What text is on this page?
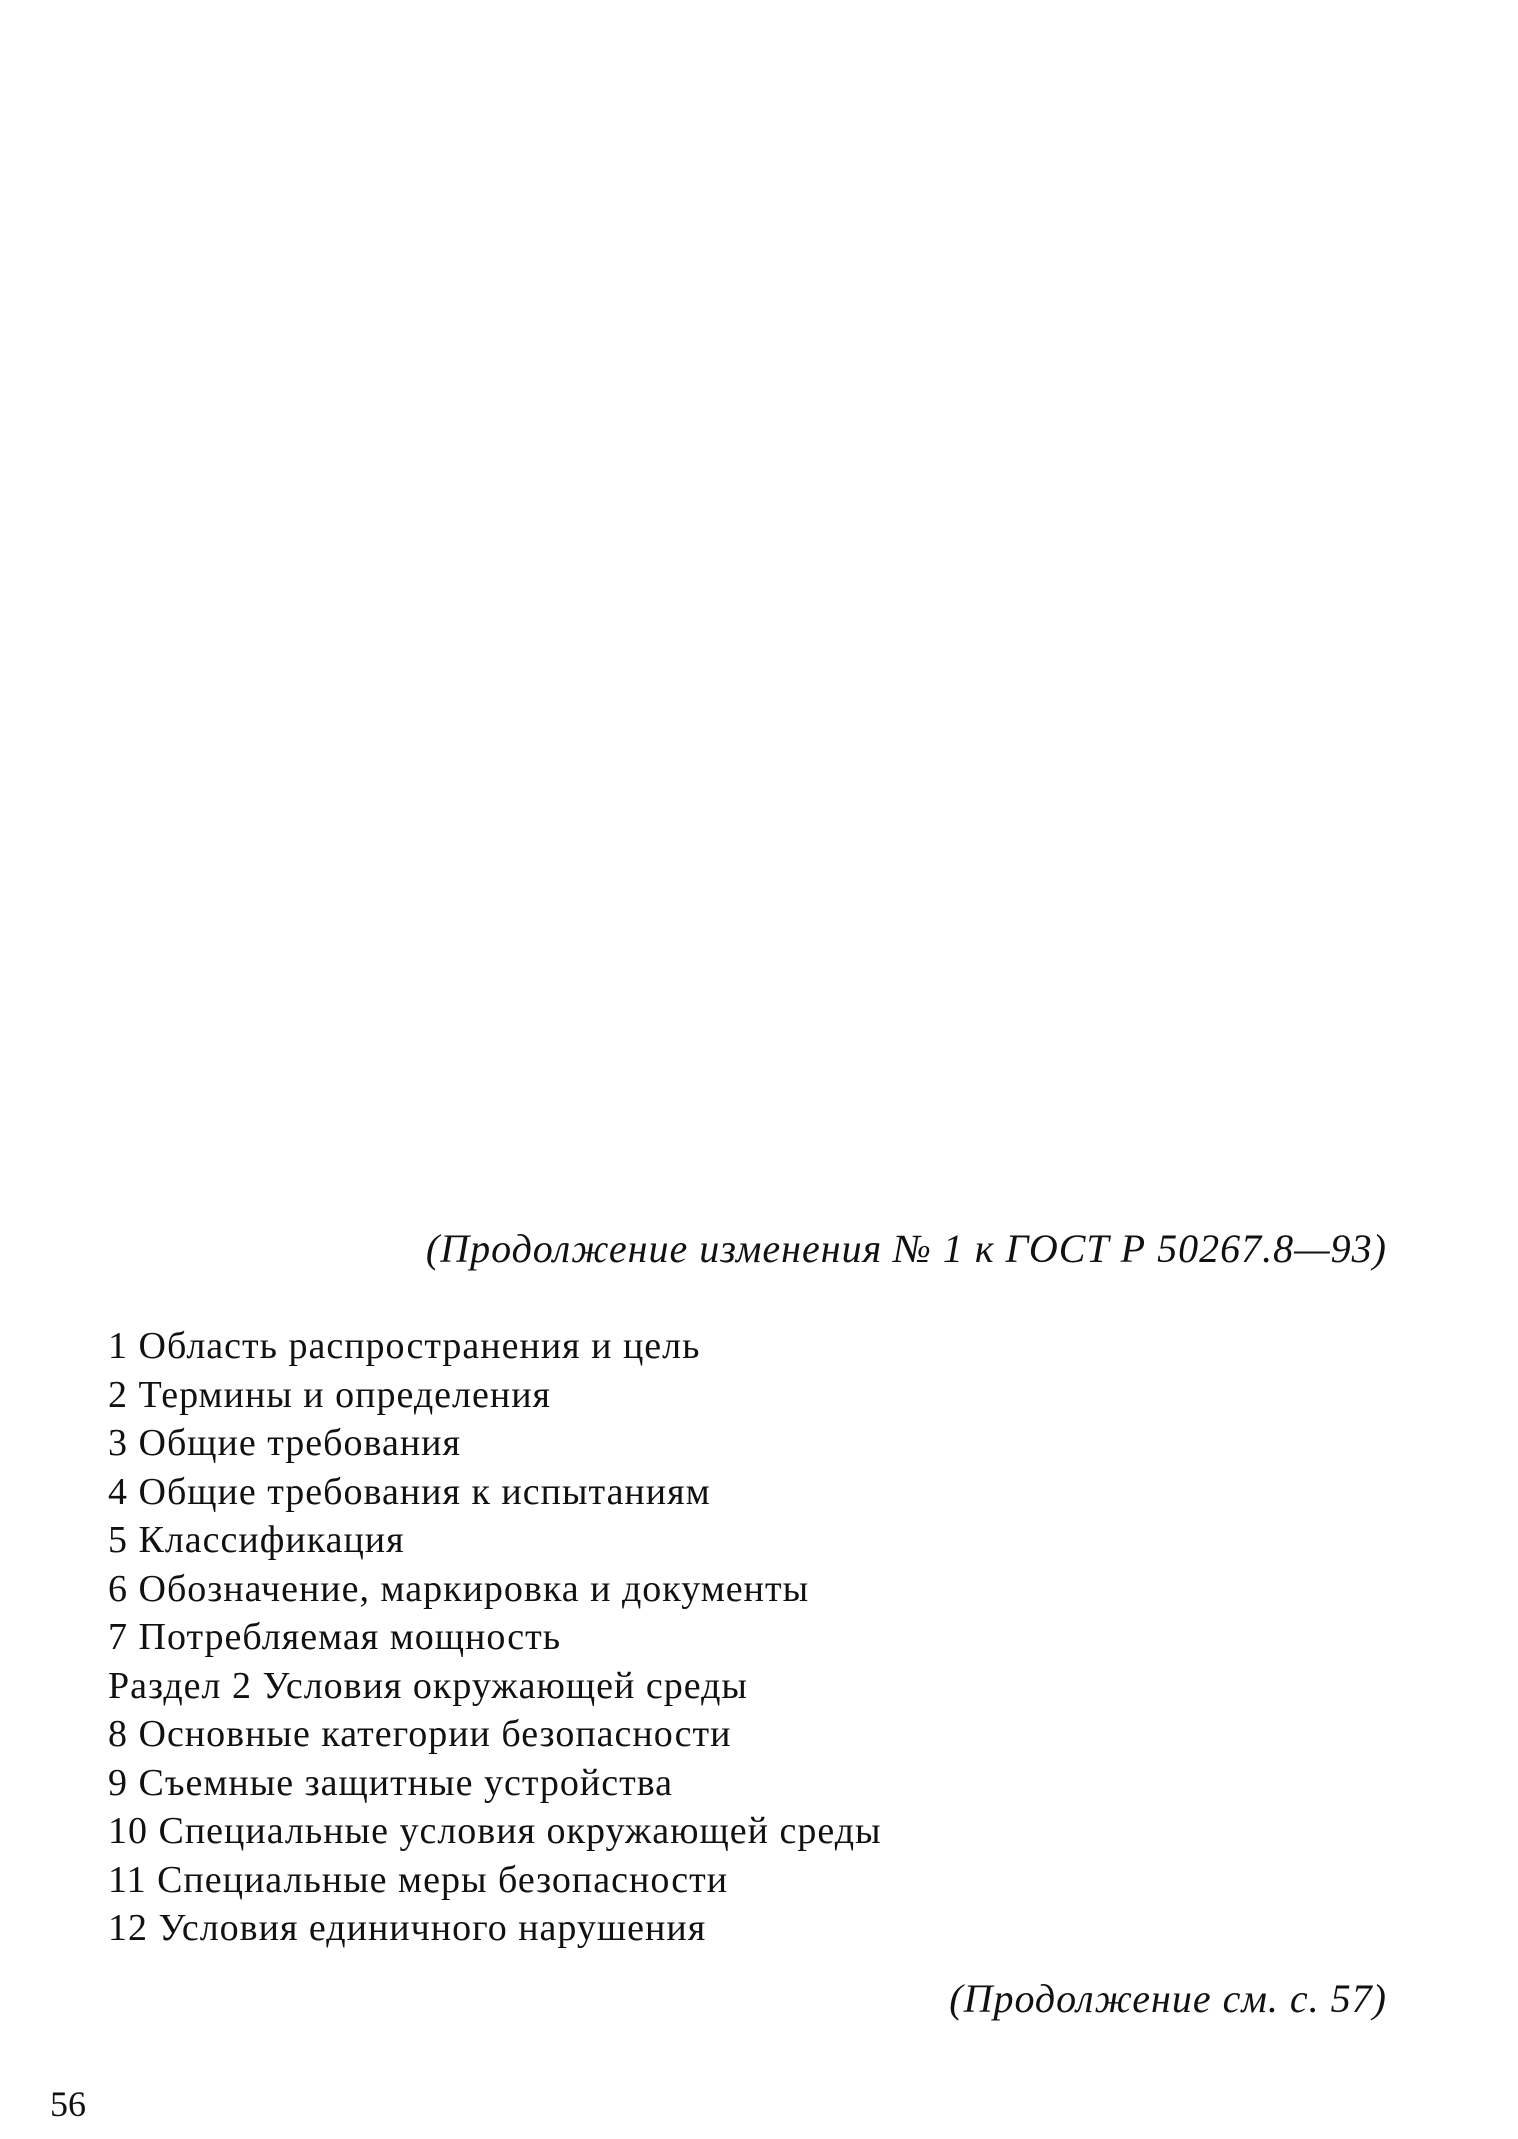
(Продолжение изменения № 1 к ГОСТ Р 50267.8—93)
1 Область распространения и цель
2 Термины и определения
3 Общие требования
4 Общие требования к испытаниям
5 Классификация
6 Обозначение, маркировка и документы
7 Потребляемая мощность
Раздел 2 Условия окружающей среды
8 Основные категории безопасности
9 Съемные защитные устройства
10 Специальные условия окружающей среды
11 Специальные меры безопасности
12 Условия единичного нарушения
(Продолжение см. с. 57)
56
